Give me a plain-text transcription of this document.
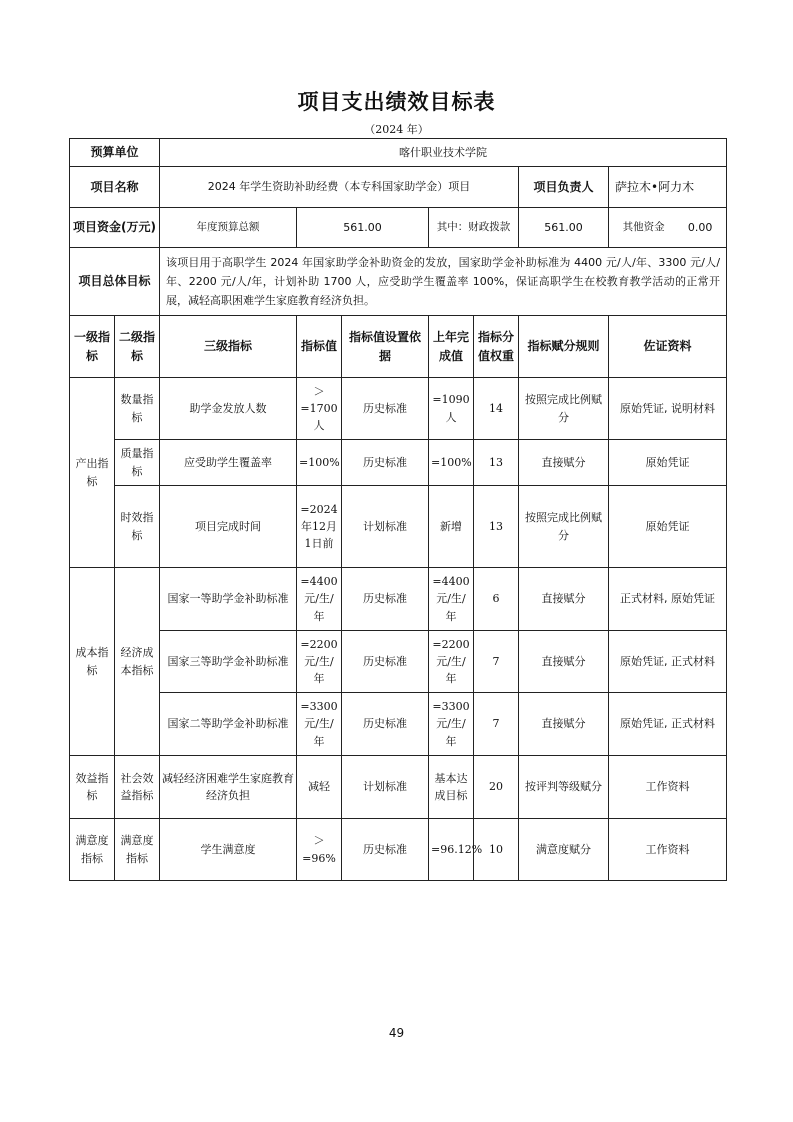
项目支出绩效目标表
（2024 年）
预算单位		喀什职业技术学院						
项目名称		2024 年学生资助补助经费（本专科国家助学金）项目					项目负责人	萨拉木•阿力木
项目资金(万元)		年度预算总额	561.00		其中：财政拨款		561.00	其他资金 0.00

项目总体目标		该项目用于高职学生 2024 年国家助学金补助资金的发放，国家助学金补助标准为 4400 元/人/年、3300 元/人/年、2200 元/人/年，计划补助 1700 人，应受助学生覆盖率 100%，保证高职学生在校教育教学活动的正常开展，减轻高职困难学生家庭教育经济负担。						
一级指标	二级指标	三级指标	指标值	指标值设置依据	上年完成值	指标分值权重	指标赋分规则	佐证资料
产出指标	数量指标	助学金发放人数	＞=1700人	历史标准	=1090人	14	按照完成比例赋分	原始凭证, 说明材料
	质量指标	应受助学生覆盖率	=100%	历史标准	=100%	13	直接赋分	原始凭证
	时效指标	项目完成时间	=2024年12月1日前	计划标准	新增	13	按照完成比例赋分	原始凭证
成本指标	经济成本指标	国家一等助学金补助标准	=4400元/生/年	历史标准	=4400元/生/年	6	直接赋分	正式材料, 原始凭证
		国家三等助学金补助标准	=2200元/生/年	历史标准	=2200元/生/年	7	直接赋分	原始凭证, 正式材料
		国家二等助学金补助标准	=3300元/生/年	历史标准	=3300元/生/年	7	直接赋分	原始凭证, 正式材料
效益指标	社会效益指标	减轻经济困难学生家庭教育经济负担	减轻	计划标准	基本达成目标	20	按评判等级赋分	工作资料
满意度指标	满意度指标	学生满意度	＞=96%	历史标准	=96.12%	10	满意度赋分	工作资料
49
